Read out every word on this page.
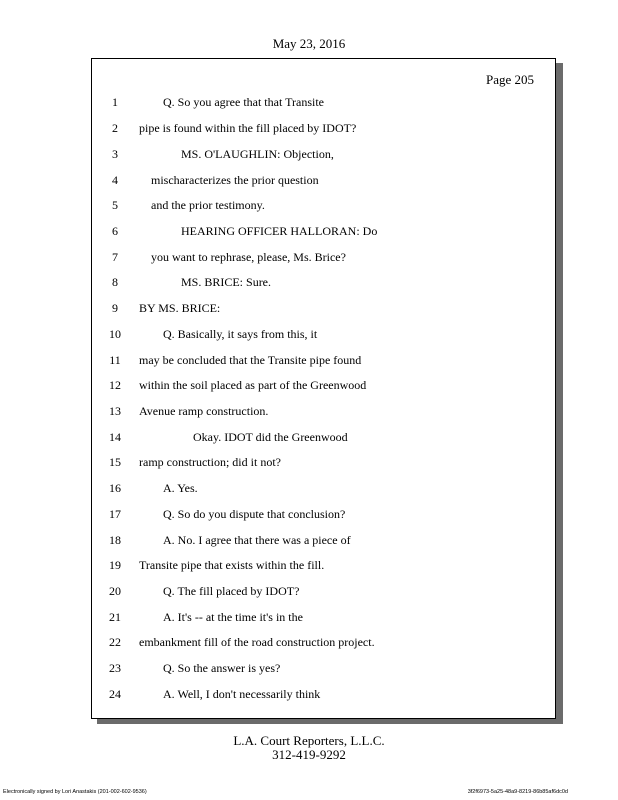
May 23, 2016
Page 205
1	Q. So you agree that that Transite
2	pipe is found within the fill placed by IDOT?
3	MS. O'LAUGHLIN: Objection,
4	mischaracterizes the prior question
5	and the prior testimony.
6	HEARING OFFICER HALLORAN: Do
7	you want to rephrase, please, Ms. Brice?
8	MS. BRICE: Sure.
9	BY MS. BRICE:
10	Q. Basically, it says from this, it
11	may be concluded that the Transite pipe found
12	within the soil placed as part of the Greenwood
13	Avenue ramp construction.
14	Okay. IDOT did the Greenwood
15	ramp construction; did it not?
16	A. Yes.
17	Q. So do you dispute that conclusion?
18	A. No. I agree that there was a piece of
19	Transite pipe that exists within the fill.
20	Q. The fill placed by IDOT?
21	A. It's -- at the time it's in the
22	embankment fill of the road construction project.
23	Q. So the answer is yes?
24	A. Well, I don't necessarily think
L.A. Court Reporters, L.L.C.
312-419-9292
Electronically signed by Lori Anastakis (201-002-602-9536)	3f2f6973-5a25-48a9-8219-86b85af6dc0d
